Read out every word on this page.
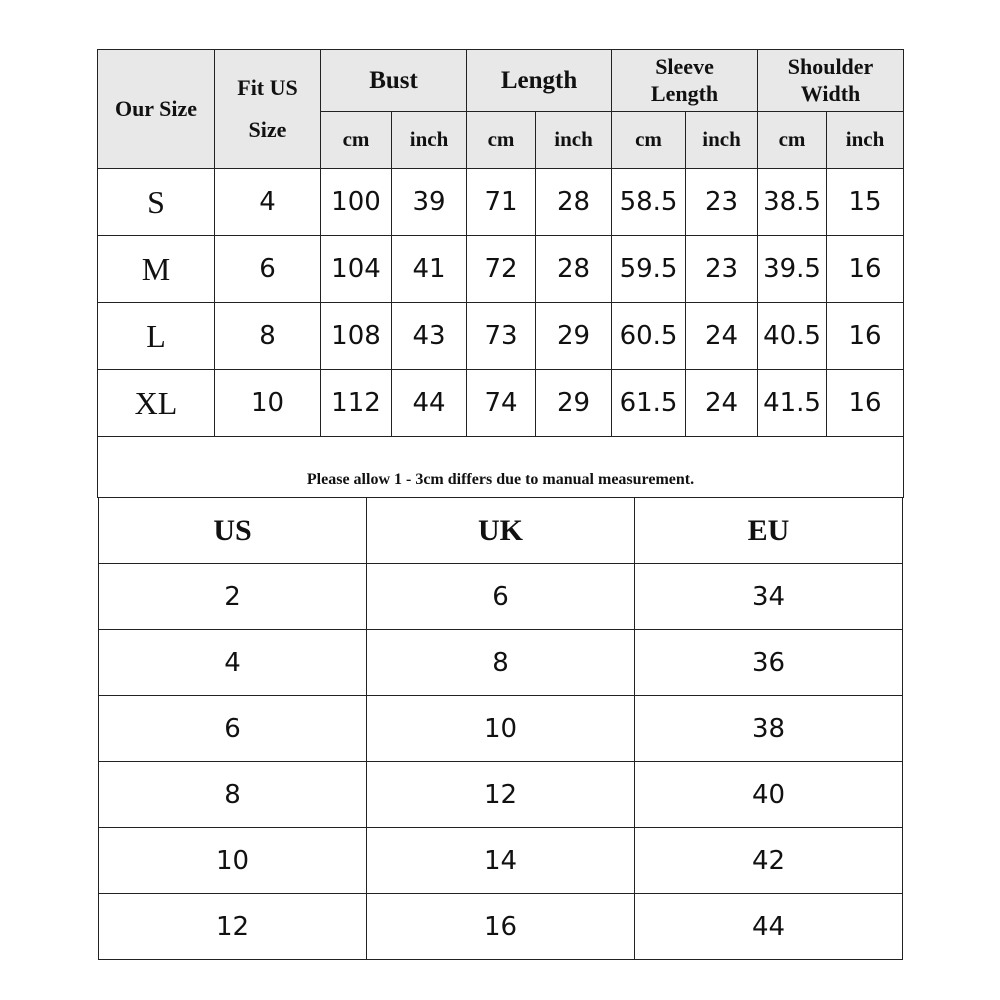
Our Size	Fit US Size	Bust		Length		Sleeve Length		Shoulder Width	
		cm	inch	cm	inch	cm	inch	cm	inch
S	4	100	39	71	28	58.5	23	38.5	15
M	6	104	41	72	28	59.5	23	39.5	16
L	8	108	43	73	29	60.5	24	40.5	16
XL	10	112	44	74	29	61.5	24	41.5	16
Please allow 1 - 3cm differs due to manual measurement.									
US	UK	EU
2	6	34
4	8	36
6	10	38
8	12	40
10	14	42
12	16	44
